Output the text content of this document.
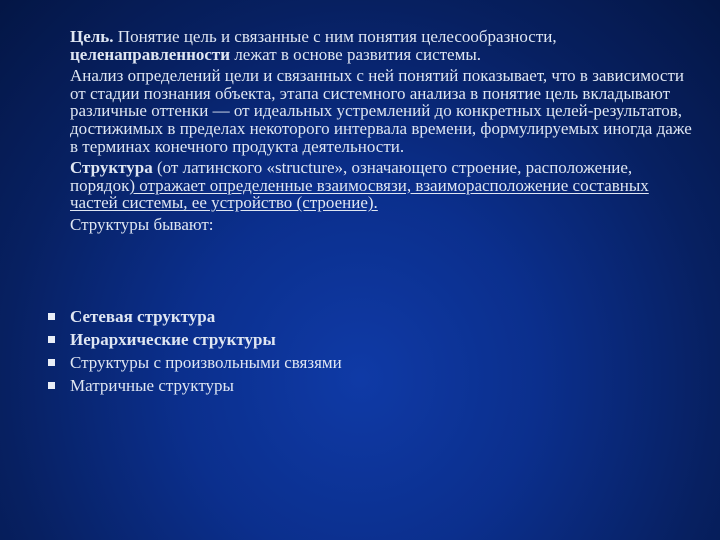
Цель. Понятие цель и связанные с ним понятия целесообразности, целенаправленности лежат в основе развития системы.

Анализ определений цели и связанных с ней понятий показывает, что в зависимости от стадии познания объекта, этапа системного анализа в понятие цель вкладывают различные оттенки — от идеальных устремлений до конкретных целей-результатов, достижимых в пределах некоторого интервала времени, формулируемых иногда даже в терминах конечного продукта деятельности.

Структура (от латинского «structure», означающего строение, расположение, порядок) отражает определенные взаимосвязи, взаиморасположение составных частей системы, ее устройство (строение).

Структуры бывают:

Сетевая структура
Иерархические структуры
Структуры с произвольными связями
Матричные структуры
